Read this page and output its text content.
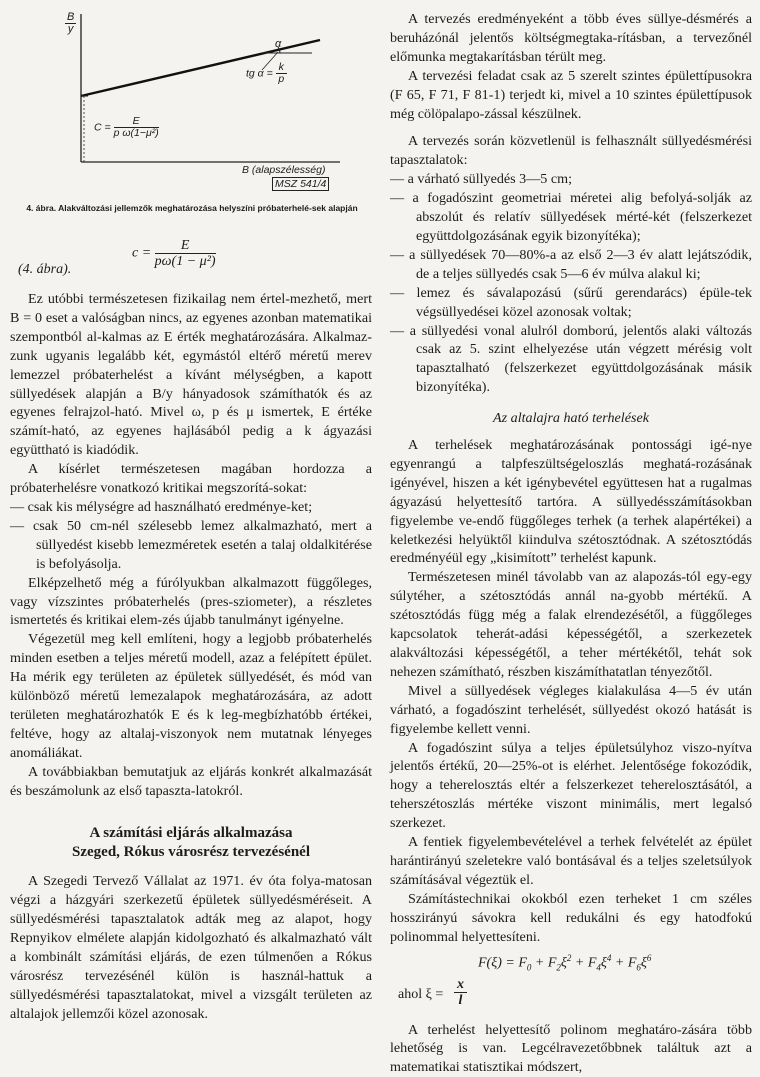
B
y
α
tg $\alpha = \frac{k}{p}$
$C = \frac{E}{\text{p ω(1−μ²)}}$
B (alapszélesség)
MSZ 541/4
4. ábra. Alakváltozási jellemzők meghatározása helyszíni próbaterhelé-sek alapján
$c = \frac{E}{\text{pω(1 − μ²)}}$
(4. ábra).

Ez utóbbi természetesen fizikailag nem értel-mezhető, mert B = 0 eset a valóságban nincs, az egyenes azonban matematikai szempontból al-kalmas az E érték meghatározására. Alkalmaz-zunk ugyanis legalább két, egymástól eltérő méretű merev lemezzel próbaterhelést a kívánt mélységben, a kapott süllyedések alapján a B/y hányadosok számíthatók és az egyenes felrajzol-ható. Mivel ω, p és μ ismertek, E értéke számít-ható, az egyenes hajlásából pedig a k ágyazási együttható is kiadódik.

A kísérlet természetesen magában hordozza a próbaterhelésre vonatkozó kritikai megszorítá-sokat:

— csak kis mélységre ad használható eredménye-ket;

— csak 50 cm-nél szélesebb lemez alkalmazható, mert a süllyedést kisebb lemezméretek esetén a talaj oldalkitérése is befolyásolja.

Elképzelhető még a fúrólyukban alkalmazott függőleges, vagy vízszintes próbaterhelés (pres-sziometer), a részletes ismertetés és kritikai elem-zés újabb tanulmányt igényelne.

Végezetül meg kell említeni, hogy a legjobb próbaterhelés minden esetben a teljes méretű modell, azaz a felépített épület. Ha mérik egy területen az épületek süllyedését, és mód van különböző méretű lemezalapok meghatározására, az adott területen meghatározhatók E és k leg-megbízhatóbb értékei, feltéve, hogy az altalaj-viszonyok nem mutatnak lényeges anomáliákat.

A továbbiakban bemutatjuk az eljárás konkrét alkalmazását és beszámolunk az első tapaszta-latokról.

A számítási eljárás alkalmazása

Szeged, Rókus városrész tervezésénél

A Szegedi Tervező Vállalat az 1971. év óta folya-matosan végzi a házgyári szerkezetű épületek süllyedésméréseit. A süllyedésmérési tapasztalatok adták meg az alapot, hogy Repnyikov elmélete alapján kidolgozható és alkalmazható vált a kombinált számítási eljárás, de ezen túlmenően a Rókus városrész tervezésénél külön is használ-hattuk a süllyedésmérési tapasztalatokat, mivel a vizsgált területen az altalajok jellemzői közel azonosak.

A tervezés eredményeként a több éves süllye-désmérés a beruházónál jelentős költségmegtaka-rításban, a tervezőnél előmunka megtakarításban térült meg.

A tervezési feladat csak az 5 szerelt szintes épülettípusokra (F 65, F 71, F 81-1) terjedt ki, mivel a 10 szintes épülettípusok még cölöpalapo-zással készülnek.

A tervezés során közvetlenül is felhasznált süllyedésmérési tapasztalatok:

— a várható süllyedés 3—5 cm;

— a fogadószint geometriai méretei alig befolyá-solják az abszolút és relatív süllyedések mérté-két (felszerkezet együttdolgozásának egyik bizonyítéka);

— a süllyedések 70—80%-a az első 2—3 év alatt lejátszódik, de a teljes süllyedés csak 5—6 év múlva alakul ki;

— lemez és sávalapozású (sűrű gerendarács) épüle-tek végsüllyedései közel azonosak voltak;

— a süllyedési vonal alulról domború, jelentős alaki változás csak az 5. szint elhelyezése után végzett mérésig volt tapasztalható (felszerkezet együttdolgozásának másik bizonyítéka).

Az altalajra ható terhelések

A terhelések meghatározásának pontossági igé-nye egyenrangú a talpfeszültségeloszlás meghatá-rozásának igényével, hiszen a két igénybevétel együttesen hat a rugalmas ágyazású helyettesítő tartóra. A süllyedésszámításokban figyelembe ve-endő függőleges terhek (a terhek alapértékei) a keletkezési helyüktől kiindulva szétosztódnak. A szétosztódás eredményéül egy „kisimított” terhelést kapunk.

Természetesen minél távolabb van az alapozás-tól egy-egy súlytéher, a szétosztódás annál na-gyobb mértékű. A szétosztódás függ még a falak elrendezésétől, a függőleges kapcsolatok teherát-adási képességétől, a szerkezetek alakváltozási képességétől, a teher mértékétől, tehát sok nehezen számítható, részben kiszámíthatatlan tényezőtől.

Mivel a süllyedések végleges kialakulása 4—5 év után várható, a fogadószint terhelését, süllyedést okozó hatását is figyelembe kellett venni.

A fogadószint súlya a teljes épületsúlyhoz viszo-nyítva jelentős értékű, 20—25%-ot is elérhet. Jelentősége fokozódik, hogy a teherelosztás eltér a felszerkezet teherelosztásától, a teherszétoszlás mértéke viszont minimális, mert legalsó szerkezet.

A fentiek figyelembevételével a terhek felvételét az épület harántirányú szeletekre való bontásával és a teljes szeletsúlyok számításával végeztük el.

Számítástechnikai okokból ezen terheket 1 cm széles hosszirányú sávokra kell redukálni és egy hatodfokú polinommal helyettesíteni.

$F(\xi) = F_0 + F_2\xi^2 + F_4\xi^4 + F_6\xi^6$
ahol $\xi = \frac{x}{l}$

A terhelést helyettesítő polinom meghatáro-zására több lehetőség is van. Legcélravezetőbbnek találtuk azt a matematikai statisztikai módszert,
